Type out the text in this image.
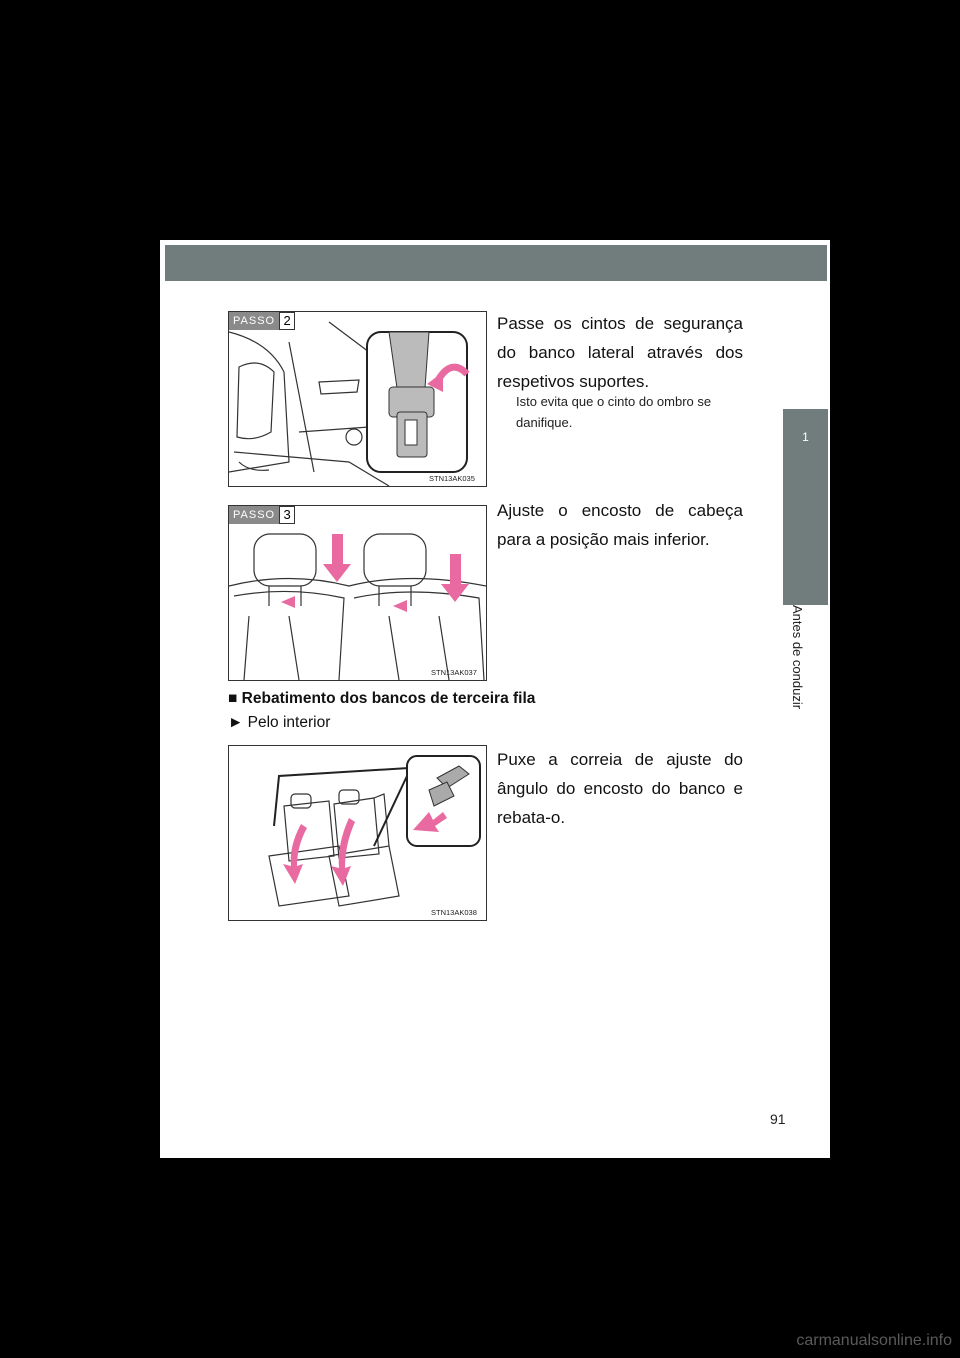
1
Antes de conduzir
PASSO 2
STN13AK035
Passe os cintos de segurança do banco lateral através dos respetivos suportes.
Isto evita que o cinto do ombro se danifique.
PASSO 3
STN13AK037
Ajuste o encosto de cabeça para a posição mais inferior.
■ Rebatimento dos bancos de terceira fila
► Pelo interior
STN13AK038
Puxe a correia de ajuste do ângulo do encosto do banco e rebata-o.
91
carmanualsonline.info
